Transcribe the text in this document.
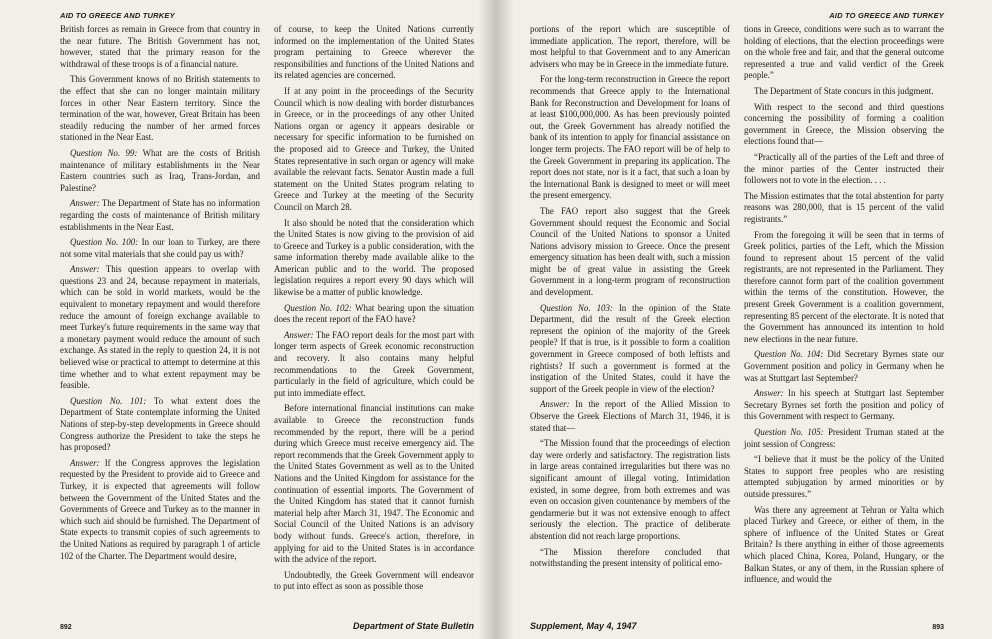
AID TO GREECE AND TURKEY

British forces as remain in Greece from that country in the near future. The British Government has not, however, stated that the primary reason for the withdrawal of these troops is of a financial nature.

This Government knows of no British statements to the effect that she can no longer maintain military forces in other Near Eastern territory. Since the termination of the war, however, Great Britain has been steadily reducing the number of her armed forces stationed in the Near East.

Question No. 99: What are the costs of British maintenance of military establishments in the Near Eastern countries such as Iraq, Trans-Jordan, and Palestine?

Answer: The Department of State has no information regarding the costs of maintenance of British military establishments in the Near East.

Question No. 100: In our loan to Turkey, are there not some vital materials that she could pay us with?

Answer: This question appears to overlap with questions 23 and 24, because repayment in materials, which can be sold in world markets, would be the equivalent to monetary repayment and would therefore reduce the amount of foreign exchange available to meet Turkey's future requirements in the same way that a monetary payment would reduce the amount of such exchange. As stated in the reply to question 24, it is not believed wise or practical to attempt to determine at this time whether and to what extent repayment may be feasible.

Question No. 101: To what extent does the Department of State contemplate informing the United Nations of step-by-step developments in Greece should Congress authorize the President to take the steps he has proposed?

Answer: If the Congress approves the legislation requested by the President to provide aid to Greece and Turkey, it is expected that agreements will follow between the Government of the United States and the Governments of Greece and Turkey as to the manner in which such aid should be furnished. The Department of State expects to transmit copies of such agreements to the United Nations as required by paragraph 1 of article 102 of the Charter. The Department would desire,

of course, to keep the United Nations currently informed on the implementation of the United States program pertaining to Greece wherever the responsibilities and functions of the United Nations and its related agencies are concerned.

If at any point in the proceedings of the Security Council which is now dealing with border disturbances in Greece, or in the proceedings of any other United Nations organ or agency it appears desirable or necessary for specific information to be furnished on the proposed aid to Greece and Turkey, the United States representative in such organ or agency will make available the relevant facts. Senator Austin made a full statement on the United States program relating to Greece and Turkey at the meeting of the Security Council on March 28.

It also should be noted that the consideration which the United States is now giving to the provision of aid to Greece and Turkey is a public consideration, with the same information thereby made available alike to the American public and to the world. The proposed legislation requires a report every 90 days which will likewise be a matter of public knowledge.

Question No. 102: What bearing upon the situation does the recent report of the FAO have?

Answer: The FAO report deals for the most part with longer term aspects of Greek economic reconstruction and recovery. It also contains many helpful recommendations to the Greek Government, particularly in the field of agriculture, which could be put into immediate effect.

Before international financial institutions can make available to Greece the reconstruction funds recommended by the report, there will be a period during which Greece must receive emergency aid. The report recommends that the Greek Government apply to the United States Government as well as to the United Nations and the United Kingdom for assistance for the continuation of essential imports. The Government of the United Kingdom has stated that it cannot furnish material help after March 31, 1947. The Economic and Social Council of the United Nations is an advisory body without funds. Greece's action, therefore, in applying for aid to the United States is in accordance with the advice of the report.

Undoubtedly, the Greek Government will endeavor to put into effect as soon as possible those

892	Department of State Bulletin
AID TO GREECE AND TURKEY

portions of the report which are susceptible of immediate application. The report, therefore, will be most helpful to that Government and to any American advisers who may be in Greece in the immediate future.

For the long-term reconstruction in Greece the report recommends that Greece apply to the International Bank for Reconstruction and Development for loans of at least $100,000,000. As has been previously pointed out, the Greek Government has already notified the bank of its intention to apply for financial assistance on longer term projects. The FAO report will be of help to the Greek Government in preparing its application. The report does not state, nor is it a fact, that such a loan by the International Bank is designed to meet or will meet the present emergency.

The FAO report also suggest that the Greek Government should request the Economic and Social Council of the United Nations to sponsor a United Nations advisory mission to Greece. Once the present emergency situation has been dealt with, such a mission might be of great value in assisting the Greek Government in a long-term program of reconstruction and development.

Question No. 103: In the opinion of the State Department, did the result of the Greek election represent the opinion of the majority of the Greek people? If that is true, is it possible to form a coalition government in Greece composed of both leftists and rightists? If such a government is formed at the instigation of the United States, could it have the support of the Greek people in view of the election?

Answer: In the report of the Allied Mission to Observe the Greek Elections of March 31, 1946, it is stated that—

“The Mission found that the proceedings of election day were orderly and satisfactory. The registration lists in large areas contained irregularities but there was no significant amount of illegal voting. Intimidation existed, in some degree, from both extremes and was even on occasion given countenance by members of the gendarmerie but it was not extensive enough to affect seriously the election. The practice of deliberate abstention did not reach large proportions.

“The Mission therefore concluded that notwithstanding the present intensity of political emo-

tions in Greece, conditions were such as to warrant the holding of elections, that the election proceedings were on the whole free and fair, and that the general outcome represented a true and valid verdict of the Greek people.”

The Department of State concurs in this judgment.

With respect to the second and third questions concerning the possibility of forming a coalition government in Greece, the Mission observing the elections found that—

“Practically all of the parties of the Left and three of the minor parties of the Center instructed their followers not to vote in the election. . . .

The Mission estimates that the total abstention for party reasons was 280,000, that is 15 percent of the valid registrants.”

From the foregoing it will be seen that in terms of Greek politics, parties of the Left, which the Mission found to represent about 15 percent of the valid registrants, are not represented in the Parliament. They therefore cannot form part of the coalition government within the terms of the constitution. However, the present Greek Government is a coalition government, representing 85 percent of the electorate. It is noted that the Government has announced its intention to hold new elections in the near future.

Question No. 104: Did Secretary Byrnes state our Government position and policy in Germany when he was at Stuttgart last September?

Answer: In his speech at Stuttgart last September Secretary Byrnes set forth the position and policy of this Government with respect to Germany.

Question No. 105: President Truman stated at the joint session of Congress:

“I believe that it must be the policy of the United States to support free peoples who are resisting attempted subjugation by armed minorities or by outside pressures.”

Was there any agreement at Tehran or Yalta which placed Turkey and Greece, or either of them, in the sphere of influence of the United States or Great Britain? Is there anything in either of those agreements which placed China, Korea, Poland, Hungary, or the Balkan States, or any of them, in the Russian sphere of influence, and would the

Supplement, May 4, 1947	893
